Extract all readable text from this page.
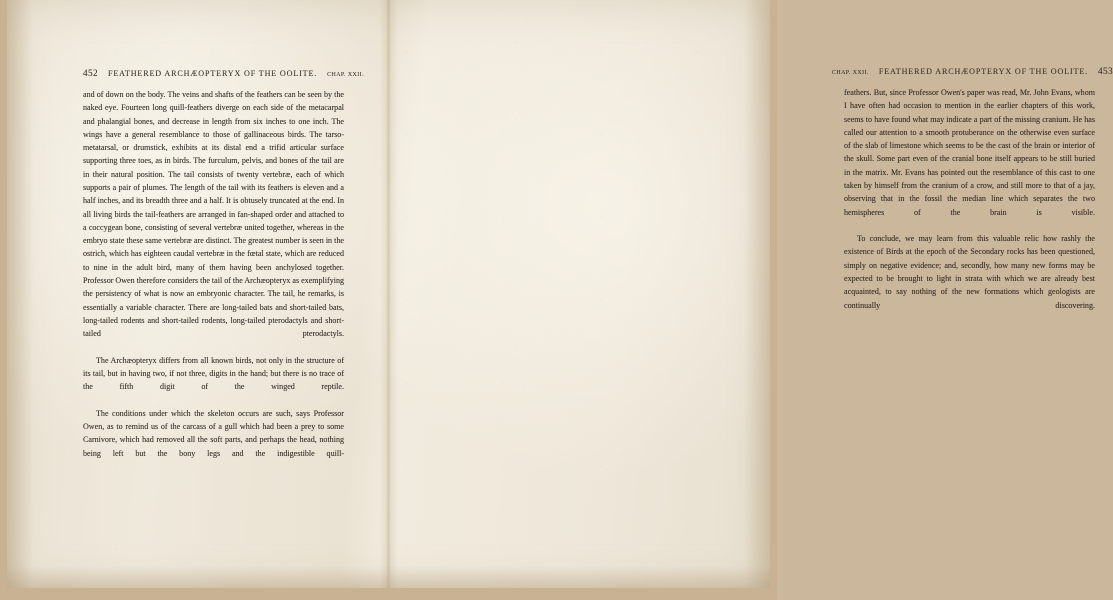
452	FEATHERED ARCHÆOPTERYX OF THE OOLITE.	CHAP. XXII.

and of down on the body. The veins and shafts of the feathers can be seen by the naked eye. Fourteen long quill-feathers diverge on each side of the metacarpal and phalangial bones, and decrease in length from six inches to one inch. The wings have a general resemblance to those of gallinaceous birds. The tarso-metatarsal, or drumstick, exhibits at its distal end a trifid articular surface supporting three toes, as in birds. The furculum, pelvis, and bones of the tail are in their natural position. The tail consists of twenty vertebræ, each of which supports a pair of plumes. The length of the tail with its feathers is eleven and a half inches, and its breadth three and a half. It is obtusely truncated at the end. In all living birds the tail-feathers are arranged in fan-shaped order and attached to a coccygean bone, consisting of several vertebræ united together, whereas in the embryo state these same vertebræ are distinct. The greatest number is seen in the ostrich, which has eighteen caudal vertebræ in the fœtal state, which are reduced to nine in the adult bird, many of them having been anchylosed together. Professor Owen therefore considers the tail of the Archæopteryx as exemplifying the persistency of what is now an embryonic character. The tail, he remarks, is essentially a variable character. There are long-tailed bats and short-tailed bats, long-tailed rodents and short-tailed rodents, long-tailed pterodactyls and short-tailed pterodactyls.

The Archæopteryx differs from all known birds, not only in the structure of its tail, but in having two, if not three, digits in the hand; but there is no trace of the fifth digit of the winged reptile.

The conditions under which the skeleton occurs are such, says Professor Owen, as to remind us of the carcass of a gull which had been a prey to some Carnivore, which had removed all the soft parts, and perhaps the head, nothing being left but the bony legs and the indigestible quill-

CHAP. XXII.	FEATHERED ARCHÆOPTERYX OF THE OOLITE.	453

feathers. But, since Professor Owen's paper was read, Mr. John Evans, whom I have often had occasion to mention in the earlier chapters of this work, seems to have found what may indicate a part of the missing cranium. He has called our attention to a smooth protuberance on the otherwise even surface of the slab of limestone which seems to be the cast of the brain or interior of the skull. Some part even of the cranial bone itself appears to be still buried in the matrix. Mr. Evans has pointed out the resemblance of this cast to one taken by himself from the cranium of a crow, and still more to that of a jay, observing that in the fossil the median line which separates the two hemispheres of the brain is visible.

To conclude, we may learn from this valuable relic how rashly the existence of Birds at the epoch of the Secondary rocks has been questioned, simply on negative evidence; and, secondly, how many new forms may be expected to be brought to light in strata with which we are already best acquainted, to say nothing of the new formations which geologists are continually discovering.
